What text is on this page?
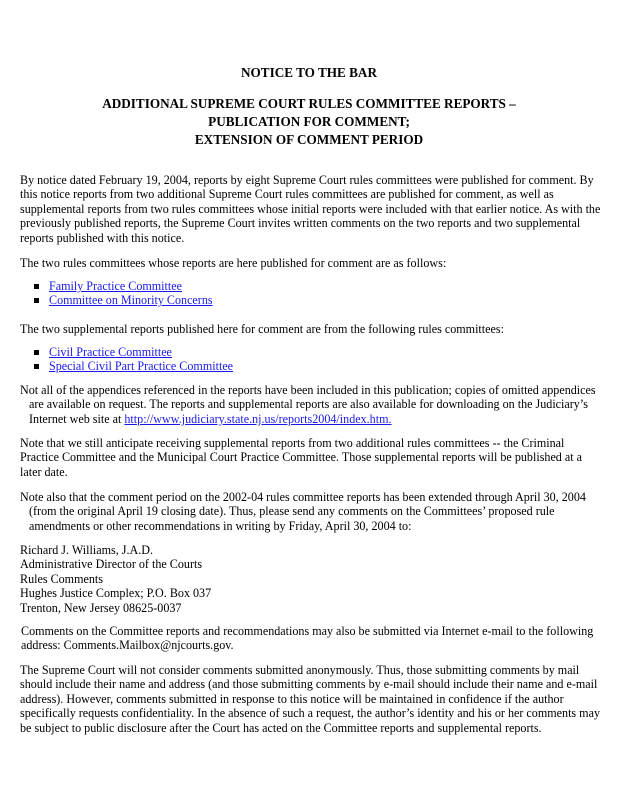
NOTICE TO THE BAR
ADDITIONAL SUPREME COURT RULES COMMITTEE REPORTS –
PUBLICATION FOR COMMENT;
EXTENSION OF COMMENT PERIOD

By notice dated February 19, 2004, reports by eight Supreme Court rules committees were published for comment. By this notice reports from two additional Supreme Court rules committees are published for comment, as well as supplemental reports from two rules committees whose initial reports were included with that earlier notice. As with the previously published reports, the Supreme Court invites written comments on the two reports and two supplemental reports published with this notice.

The two rules committees whose reports are here published for comment are as follows:

Family Practice Committee
Committee on Minority Concerns

The two supplemental reports published here for comment are from the following rules committees:

Civil Practice Committee
Special Civil Part Practice Committee

Not all of the appendices referenced in the reports have been included in this publication; copies of omitted appendices are available on request. The reports and supplemental reports are also available for downloading on the Judiciary’s Internet web site at http://www.judiciary.state.nj.us/reports2004/index.htm.

Note that we still anticipate receiving supplemental reports from two additional rules committees -- the Criminal Practice Committee and the Municipal Court Practice Committee. Those supplemental reports will be published at a later date.

Note also that the comment period on the 2002-04 rules committee reports has been extended through April 30, 2004 (from the original April 19 closing date). Thus, please send any comments on the Committees’ proposed rule amendments or other recommendations in writing by Friday, April 30, 2004 to:

Richard J. Williams, J.A.D.
Administrative Director of the Courts
Rules Comments
Hughes Justice Complex; P.O. Box 037
Trenton, New Jersey 08625-0037

Comments on the Committee reports and recommendations may also be submitted via Internet e-mail to the following address: Comments.Mailbox@njcourts.gov.

The Supreme Court will not consider comments submitted anonymously. Thus, those submitting comments by mail should include their name and address (and those submitting comments by e-mail should include their name and e-mail address). However, comments submitted in response to this notice will be maintained in confidence if the author specifically requests confidentiality. In the absence of such a request, the author’s identity and his or her comments may be subject to public disclosure after the Court has acted on the Committee reports and supplemental reports.
